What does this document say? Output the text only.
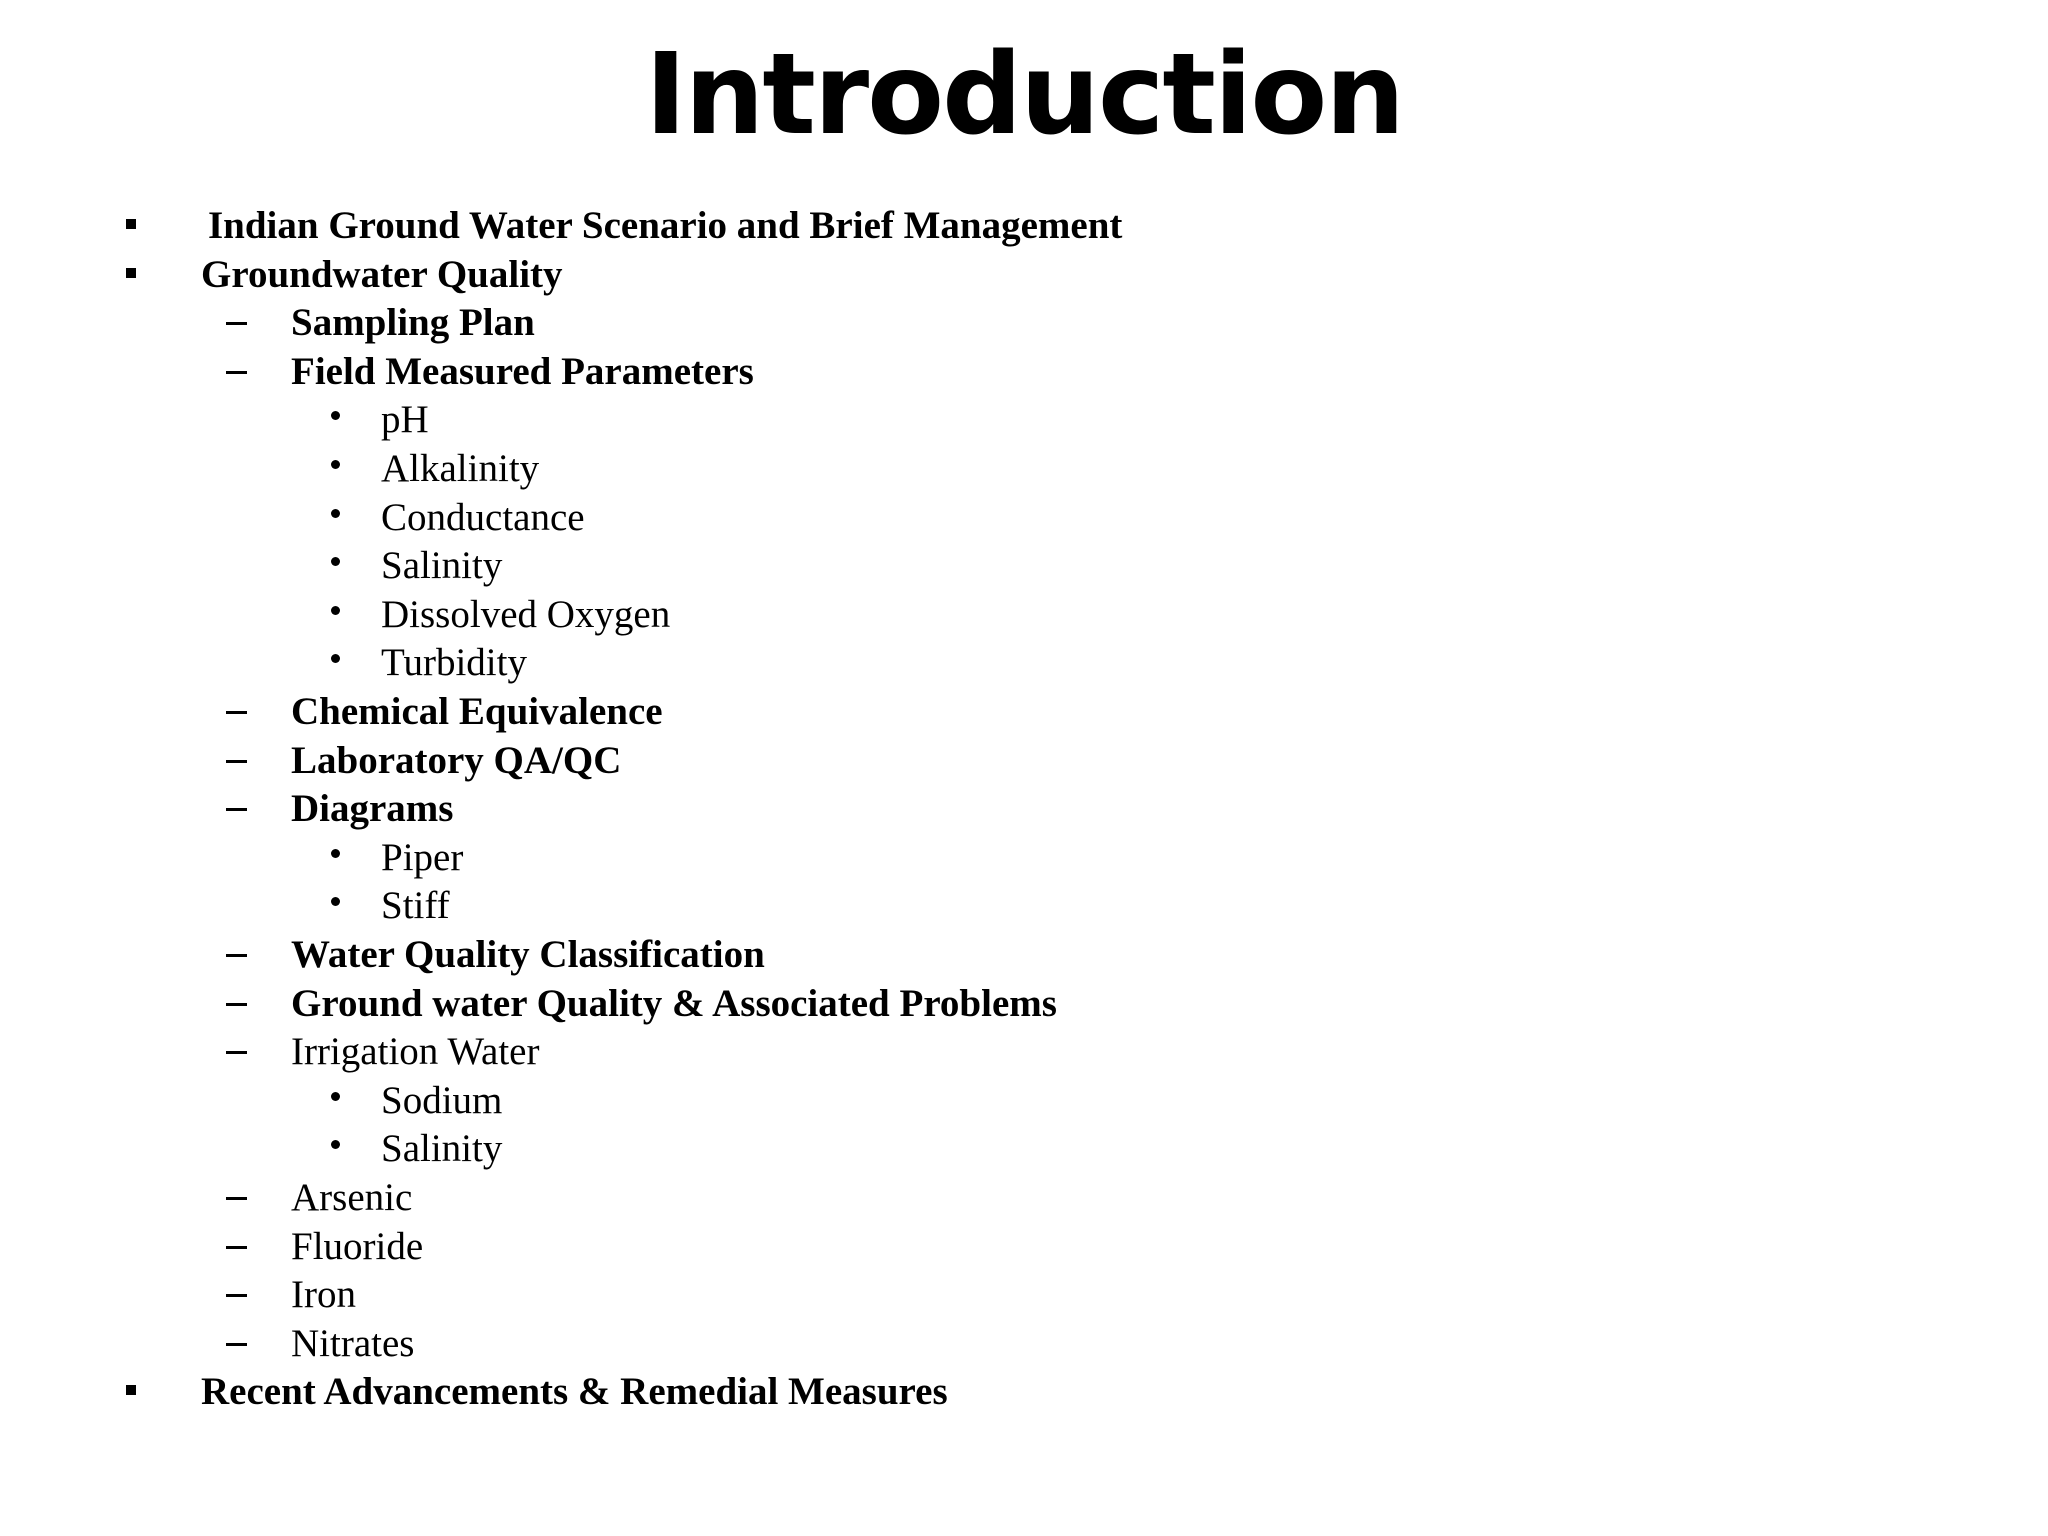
Introduction
Indian Ground Water Scenario and Brief Management
Groundwater Quality
Sampling Plan
Field Measured Parameters
pH
Alkalinity
Conductance
Salinity
Dissolved Oxygen
Turbidity
Chemical Equivalence
Laboratory QA/QC
Diagrams
Piper
Stiff
Water Quality Classification
Ground water Quality & Associated Problems
Irrigation Water
Sodium
Salinity
Arsenic
Fluoride
Iron
Nitrates
Recent Advancements & Remedial Measures
